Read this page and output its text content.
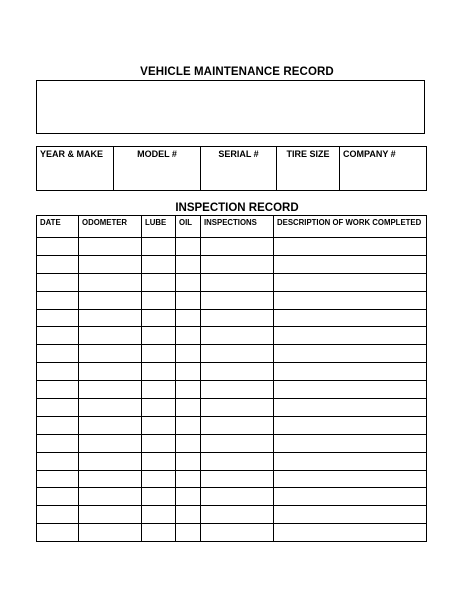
VEHICLE MAINTENANCE RECORD
YEAR & MAKE	MODEL #	SERIAL #	TIRE SIZE	COMPANY #

INSPECTION RECORD
DATE	ODOMETER	LUBE	OIL	INSPECTIONS	DESCRIPTION OF WORK COMPLETED
